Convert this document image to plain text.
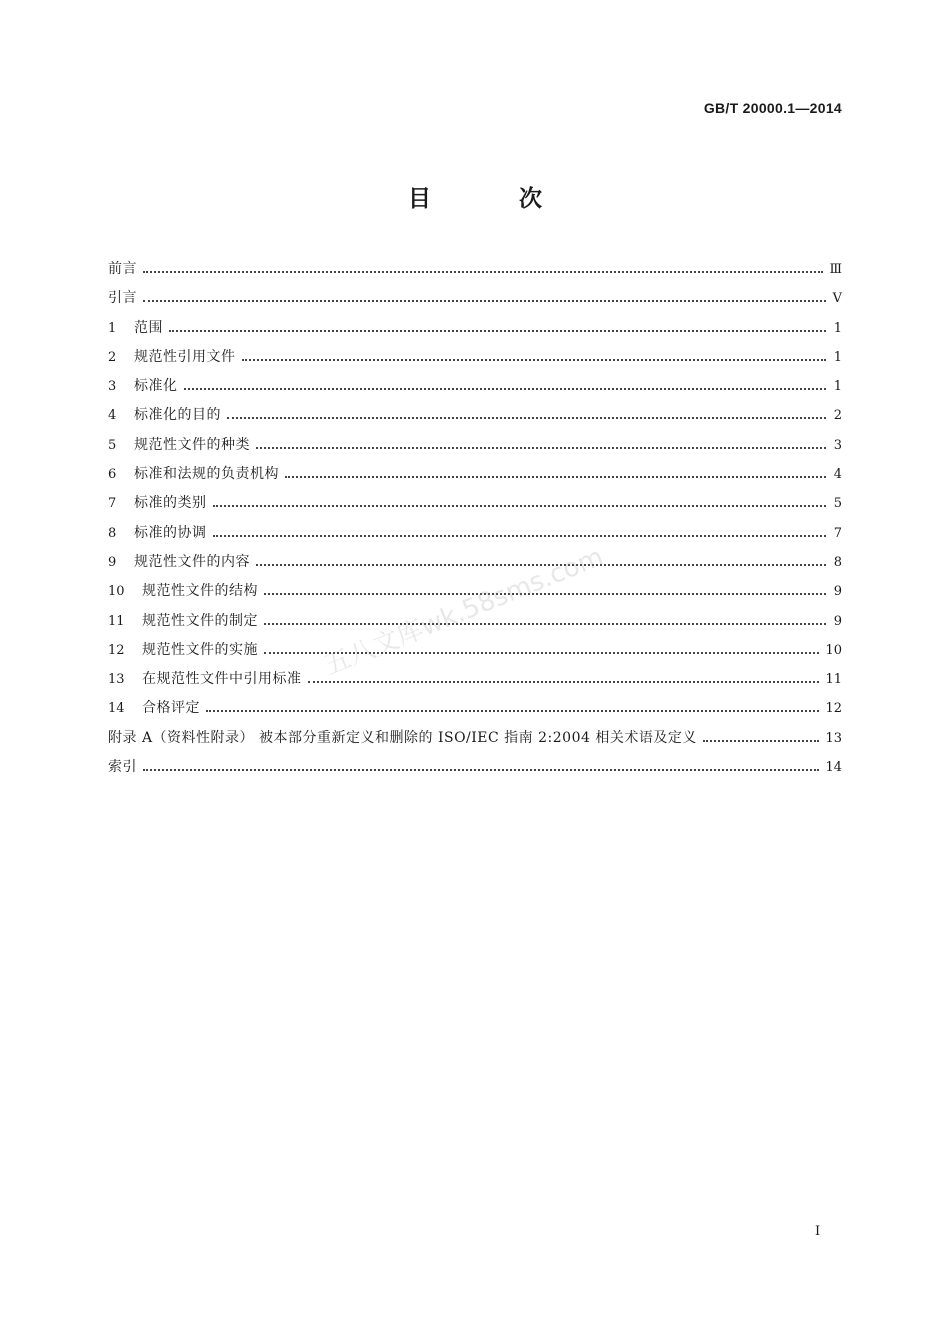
GB/T 20000.1—2014
目 次
前言	Ⅲ
引言	Ⅴ
1	范围	1
2	规范性引用文件	1
3	标准化	1
4	标准化的目的	2
5	规范性文件的种类	3
6	标准和法规的负责机构	4
7	标准的类别	5
8	标准的协调	7
9	规范性文件的内容	8
10	规范性文件的结构	9
11	规范性文件的制定	9
12	规范性文件的实施	10
13	在规范性文件中引用标准	11
14	合格评定	12
附录 A（资料性附录） 被本部分重新定义和删除的 ISO/IEC 指南 2:2004 相关术语及定义	13
索引	14
五八文库wk.58sms.com
Ⅰ
